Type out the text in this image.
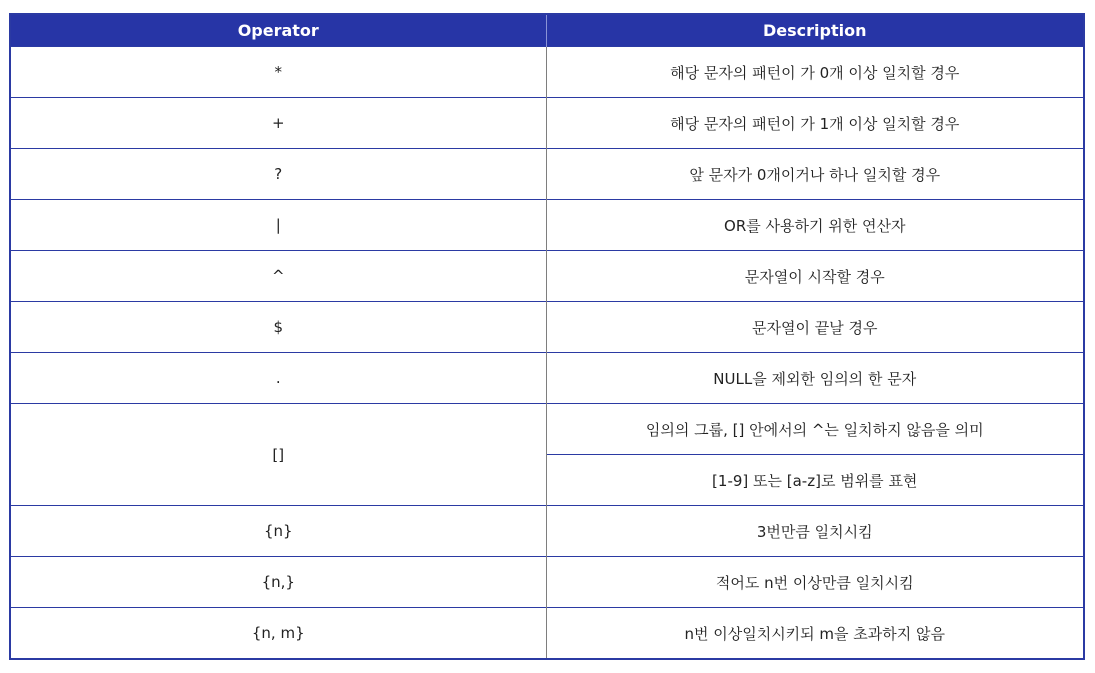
Operator	Description
*	해당 문자의 패턴이 가 0개 이상 일치할 경우
+	해당 문자의 패턴이 가 1개 이상 일치할 경우
?	앞 문자가 0개이거나 하나 일치할 경우
|	OR를 사용하기 위한 연산자
^	문자열이 시작할 경우
$	문자열이 끝날 경우
.	NULL을 제외한 임의의 한 문자
[]	임의의 그룹, [] 안에서의 ^는 일치하지 않음을 의미
	[1-9] 또는 [a-z]로 범위를 표현
{n}	3번만큼 일치시킴
{n,}	적어도 n번 이상만큼 일치시킴
{n, m}	n번 이상일치시키되 m을 초과하지 않음
